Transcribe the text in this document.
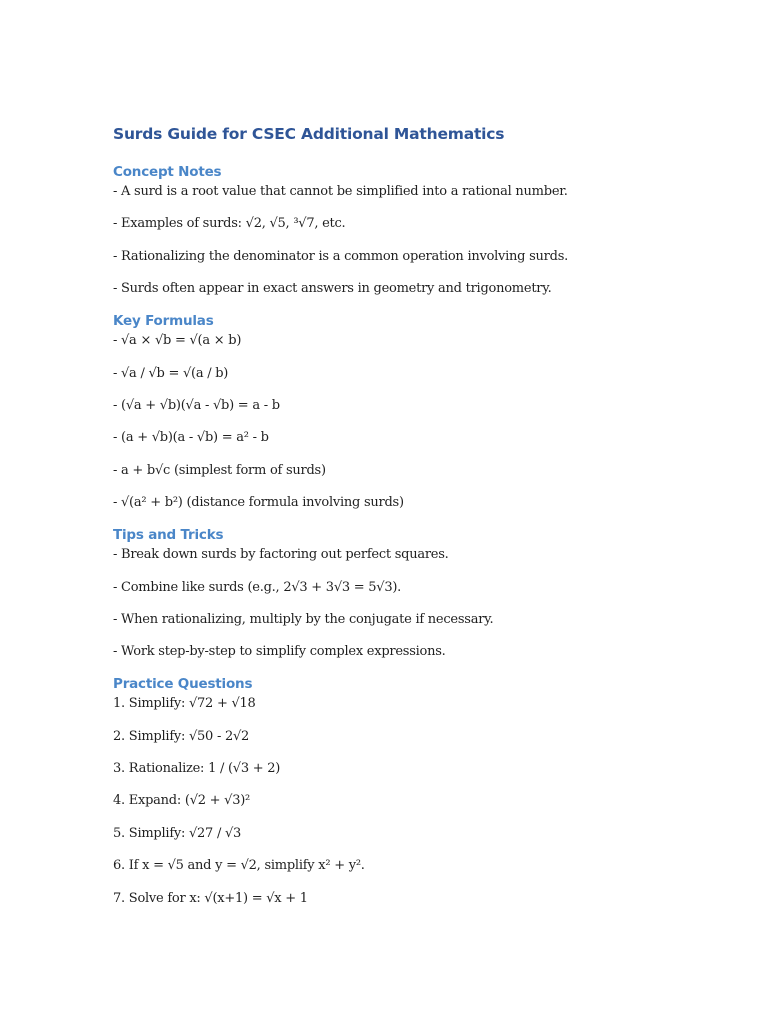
Surds Guide for CSEC Additional Mathematics
Concept Notes

- A surd is a root value that cannot be simplified into a rational number.

- Examples of surds: √2, √5, ³√7, etc.

- Rationalizing the denominator is a common operation involving surds.

- Surds often appear in exact answers in geometry and trigonometry.

Key Formulas

- √a × √b = √(a × b)

- √a / √b = √(a / b)

- (√a + √b)(√a - √b) = a - b

- (a + √b)(a - √b) = a² - b

- a + b√c (simplest form of surds)

- √(a² + b²) (distance formula involving surds)

Tips and Tricks

- Break down surds by factoring out perfect squares.

- Combine like surds (e.g., 2√3 + 3√3 = 5√3).

- When rationalizing, multiply by the conjugate if necessary.

- Work step-by-step to simplify complex expressions.

Practice Questions

1. Simplify: √72 + √18

2. Simplify: √50 - 2√2

3. Rationalize: 1 / (√3 + 2)

4. Expand: (√2 + √3)²

5. Simplify: √27 / √3

6. If x = √5 and y = √2, simplify x² + y².

7. Solve for x: √(x+1) = √x + 1
